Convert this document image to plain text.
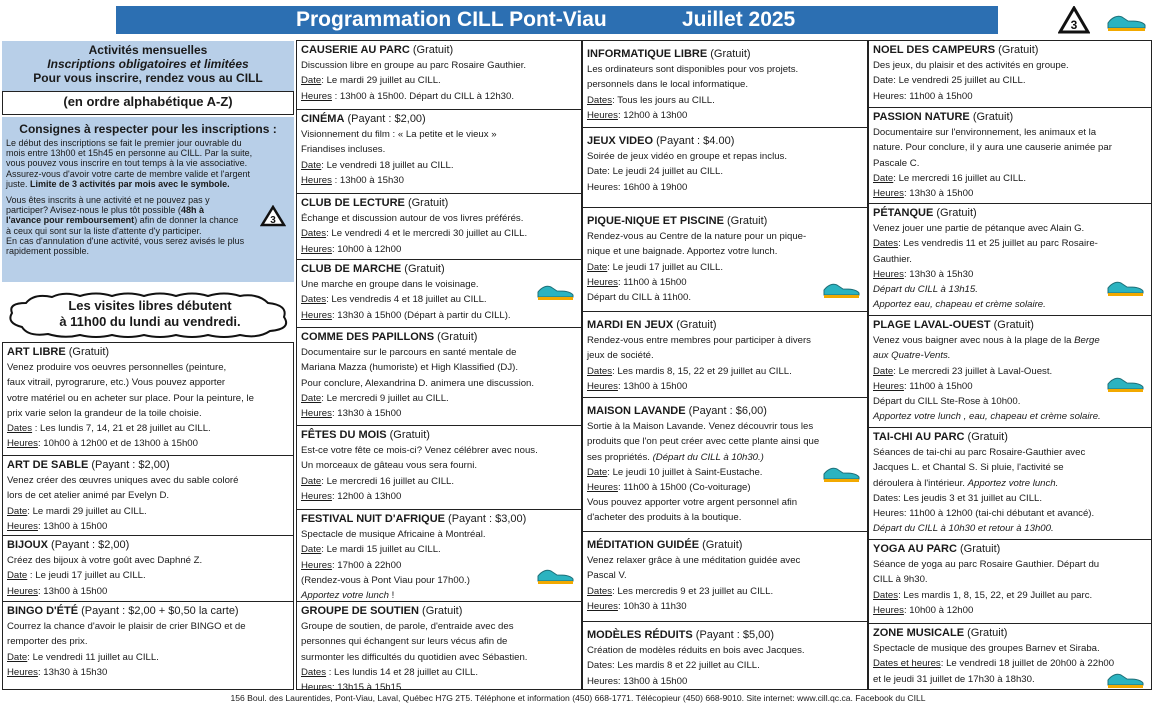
Programmation CILL Pont-Viau	Juillet 2025	3
Activités mensuelles
Inscriptions obligatoires et limitées
Pour vous inscrire, rendez vous au CILL
(en ordre alphabétique A-Z)
Consignes à respecter pour les inscriptions :

Le début des inscriptions se fait le premier jour ouvrable du

mois entre 13h00 et 15h45 en personne au CILL. Par la suite,

vous pouvez vous inscrire en tout temps à la vie associative.

Assurez-vous d'avoir votre carte de membre valide et l'argent

juste. Limite de 3 activités par mois avec le symbole.

Vous êtes inscrits à une activité et ne pouvez pas y

participer? Avisez-nous le plus tôt possible (48h à

l'avance pour remboursement) afin de donner la chance

à ceux qui sont sur la liste d'attente d'y participer.

En cas d'annulation d'une activité, vous serez avisés le plus

rapidement possible.

3
Les visites libres débutent
à 11h00 du lundi au vendredi.

ART LIBRE (Gratuit)

Venez produire vos oeuvres personnelles (peinture,

faux vitrail, pyrograrure, etc.) Vous pouvez apporter

votre matériel ou en acheter sur place. Pour la peinture, le

prix varie selon la grandeur de la toile choisie.

Dates : Les lundis 7, 14, 21 et 28 juillet au CILL.

Heures: 10h00 à 12h00 et de 13h00 à 15h00

ART DE SABLE (Payant : $2,00)

Venez créer des œuvres uniques avec du sable coloré

lors de cet atelier animé par Evelyn D.

Date: Le mardi 29 juillet au CILL.

Heures: 13h00 à 15h00

BIJOUX (Payant : $2,00)

Créez des bijoux à votre goût avec Daphné Z.

Date : Le jeudi 17 juillet au CILL.

Heures: 13h00 à 15h00

BINGO D'ÉTÉ (Payant : $2,00 + $0,50 la carte)

Courrez la chance d'avoir le plaisir de crier BINGO et de

remporter des prix.

Date: Le vendredi 11 juillet au CILL.

Heures: 13h30 à 15h30

CAUSERIE AU PARC (Gratuit)

Discussion libre en groupe au parc Rosaire Gauthier.

Date: Le mardi 29 juillet au CILL.

Heures : 13h00 à 15h00. Départ du CILL à 12h30.

CINÉMA (Payant : $2,00)

Visionnement du film : « La petite et le vieux »

Friandises incluses.

Date: Le vendredi 18 juillet au CILL.

Heures : 13h00 à 15h30

CLUB DE LECTURE (Gratuit)

Échange et discussion autour de vos livres préférés.

Dates: Le vendredi 4 et le mercredi 30 juillet au CILL.

Heures: 10h00 à 12h00

CLUB DE MARCHE (Gratuit)

Une marche en groupe dans le voisinage.

Dates: Les vendredis 4 et 18 juillet au CILL.

Heures: 13h30 à 15h00 (Départ à partir du CILL).

COMME DES PAPILLONS (Gratuit)

Documentaire sur le parcours en santé mentale de

Mariana Mazza (humoriste) et High Klassified (DJ).

Pour conclure, Alexandrina D. animera une discussion.

Date: Le mercredi 9 juillet au CILL.

Heures: 13h30 à 15h00

FÊTES DU MOIS (Gratuit)

Est-ce votre fête ce mois-ci? Venez célébrer avec nous.

Un morceaux de gâteau vous sera fourni.

Date: Le mercredi 16 juillet au CILL.

Heures: 12h00 à 13h00

FESTIVAL NUIT D'AFRIQUE (Payant : $3,00)

Spectacle de musique Africaine à Montréal.

Date: Le mardi 15 juillet au CILL.

Heures: 17h00 à 22h00

(Rendez-vous à Pont Viau pour 17h00.)

Apportez votre lunch !

GROUPE DE SOUTIEN (Gratuit)

Groupe de soutien, de parole, d'entraide avec des

personnes qui échangent sur leurs vécus afin de

surmonter les difficultés du quotidien avec Sébastien.

Dates : Les lundis 14 et 28 juillet au CILL.

Heures: 13h15 à 15h15

INFORMATIQUE LIBRE (Gratuit)

Les ordinateurs sont disponibles pour vos projets.

personnels dans le local informatique.

Dates: Tous les jours au CILL.

Heures: 12h00 à 13h00

JEUX VIDEO (Payant : $4.00)

Soirée de jeux vidéo en groupe et repas inclus.

Date: Le jeudi 24 juillet au CILL.

Heures: 16h00 à 19h00

PIQUE-NIQUE ET PISCINE (Gratuit)

Rendez-vous au Centre de la nature pour un pique-

nique et une baignade. Apportez votre lunch.

Date: Le jeudi 17 juillet au CILL.

Heures: 11h00 à 15h00

Départ du CILL à 11h00.

MARDI EN JEUX (Gratuit)

Rendez-vous entre membres pour participer à divers

jeux de société.

Dates: Les mardis 8, 15, 22 et 29 juillet au CILL.

Heures: 13h00 à 15h00

MAISON LAVANDE (Payant : $6,00)

Sortie à la Maison Lavande. Venez découvrir tous les

produits que l'on peut créer avec cette plante ainsi que

ses propriétés. (Départ du CILL à 10h30.)

Date: Le jeudi 10 juillet à Saint-Eustache.

Heures: 11h00 à 15h00 (Co-voiturage)

Vous pouvez apporter votre argent personnel afin

d'acheter des produits à la boutique.

MÉDITATION GUIDÉE (Gratuit)

Venez relaxer grâce à une méditation guidée avec

Pascal V.

Dates: Les mercredis 9 et 23 juillet au CILL.

Heures: 10h30 à 11h30

MODÈLES RÉDUITS (Payant : $5,00)

Création de modèles réduits en bois avec Jacques.

Dates: Les mardis 8 et 22 juillet au CILL.

Heures: 13h00 à 15h00

NOEL DES CAMPEURS (Gratuit)

Des jeux, du plaisir et des activités en groupe.

Date: Le vendredi 25 juillet au CILL.

Heures: 11h00 à 15h00

PASSION NATURE (Gratuit)

Documentaire sur l'environnement, les animaux et la

nature. Pour conclure, il y aura une causerie animée par

Pascale C.

Date: Le mercredi 16 juillet au CILL.

Heures: 13h30 à 15h00

PÉTANQUE (Gratuit)

Venez jouer une partie de pétanque avec Alain G.

Dates: Les vendredis 11 et 25 juillet au parc Rosaire-

Gauthier.

Heures: 13h30 à 15h30

Départ du CILL à 13h15.

Apportez eau, chapeau et crème solaire.

PLAGE LAVAL-OUEST (Gratuit)

Venez vous baigner avec nous à la plage de la Berge

aux Quatre-Vents.

Date: Le mercredi 23 juillet à Laval-Ouest.

Heures: 11h00 à 15h00

Départ du CILL Ste-Rose à 10h00.

Apportez votre lunch , eau, chapeau et crème solaire.

TAI-CHI AU PARC (Gratuit)

Séances de tai-chi au parc Rosaire-Gauthier avec

Jacques L. et Chantal S. Si pluie, l'activité se

déroulera à l'intérieur. Apportez votre lunch.

Dates: Les jeudis 3 et 31 juillet au CILL.

Heures: 11h00 à 12h00 (tai-chi débutant et avancé).

Départ du CILL à 10h30 et retour à 13h00.

YOGA AU PARC (Gratuit)

Séance de yoga au parc Rosaire Gauthier. Départ du

CILL à 9h30.

Dates: Les mardis 1, 8, 15, 22, et 29 Juillet au parc.

Heures: 10h00 à 12h00

ZONE MUSICALE (Gratuit)

Spectacle de musique des groupes Barnev et Siraba.

Dates et heures: Le vendredi 18 juillet de 20h00 à 22h00

et le jeudi 31 juillet de 17h30 à 18h30.

156 Boul. des Laurentides, Pont-Viau, Laval, Québec H7G 2T5. Téléphone et information (450) 668-1771. Télécopieur (450) 668-9010. Site internet: www.cill.qc.ca. Facebook du CILL
